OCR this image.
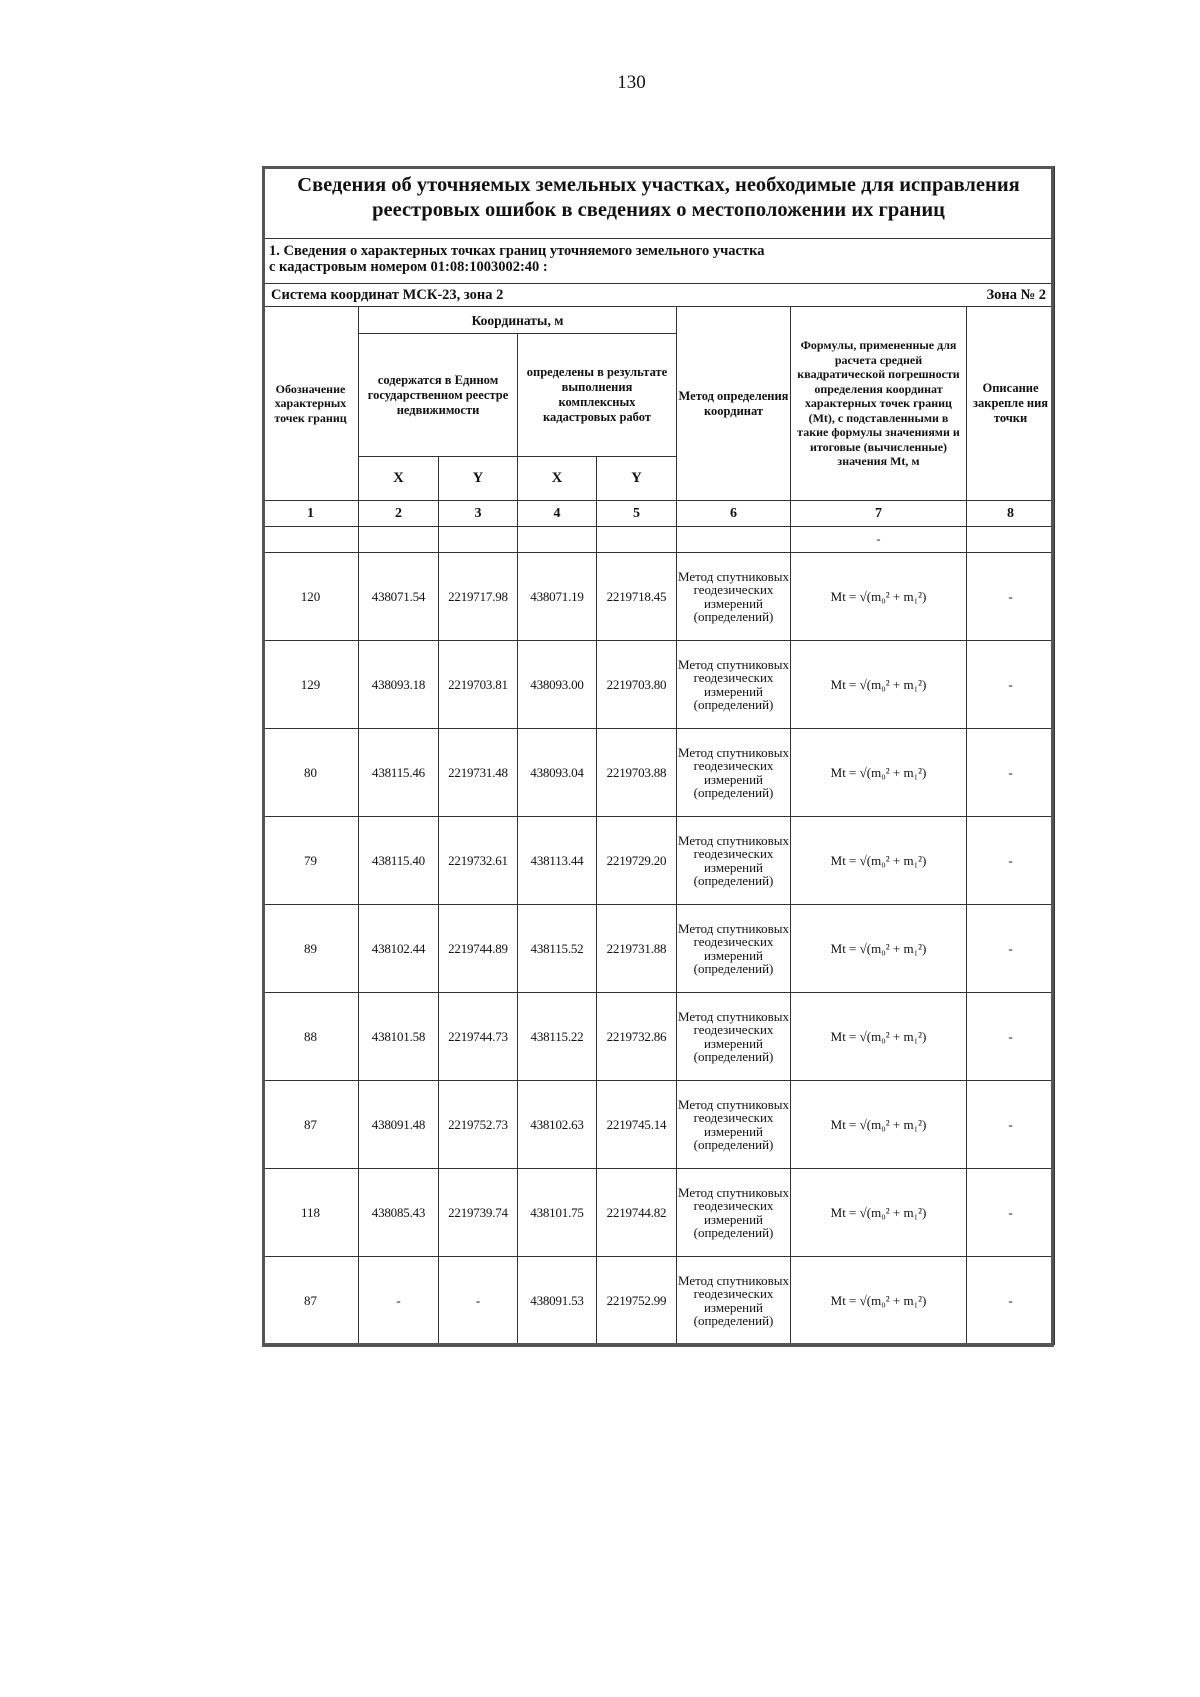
130
Сведения об уточняемых земельных участках, необходимые для исправления реестровых ошибок в сведениях о местоположении их границ							

1. Сведения о характерных точках границ уточняемого земельного участка
с кадастровым номером 01:08:1003002:40 :							

Система координат МСК-23, зона 2 Зона № 2							

Обозначение характерных точек границ	Координаты, м				Метод определения координат	Формулы, примененные для расчета средней квадратической погрешности определения координат характерных точек границ (Mt), с подставленными в такие формулы значениями и итоговые (вычисленные) значения Mt, м	Описание закрепле ния точки
	содержатся в Едином государственном реестре недвижимости		определены в результате выполнения комплексных кадастровых работ				
	X	Y	X	Y			
1	2	3	4	5	6	7	8
						-	
120	438071.54	2219717.98	438071.19	2219718.45	Метод спутниковых геодезических измерений (определений)	Mt = √(m₀² + m₁²)	-
129	438093.18	2219703.81	438093.00	2219703.80	Метод спутниковых геодезических измерений (определений)	Mt = √(m₀² + m₁²)	-
80	438115.46	2219731.48	438093.04	2219703.88	Метод спутниковых геодезических измерений (определений)	Mt = √(m₀² + m₁²)	-
79	438115.40	2219732.61	438113.44	2219729.20	Метод спутниковых геодезических измерений (определений)	Mt = √(m₀² + m₁²)	-
89	438102.44	2219744.89	438115.52	2219731.88	Метод спутниковых геодезических измерений (определений)	Mt = √(m₀² + m₁²)	-
88	438101.58	2219744.73	438115.22	2219732.86	Метод спутниковых геодезических измерений (определений)	Mt = √(m₀² + m₁²)	-
87	438091.48	2219752.73	438102.63	2219745.14	Метод спутниковых геодезических измерений (определений)	Mt = √(m₀² + m₁²)	-
118	438085.43	2219739.74	438101.75	2219744.82	Метод спутниковых геодезических измерений (определений)	Mt = √(m₀² + m₁²)	-
87	-	-	438091.53	2219752.99	Метод спутниковых геодезических измерений (определений)	Mt = √(m₀² + m₁²)	-
